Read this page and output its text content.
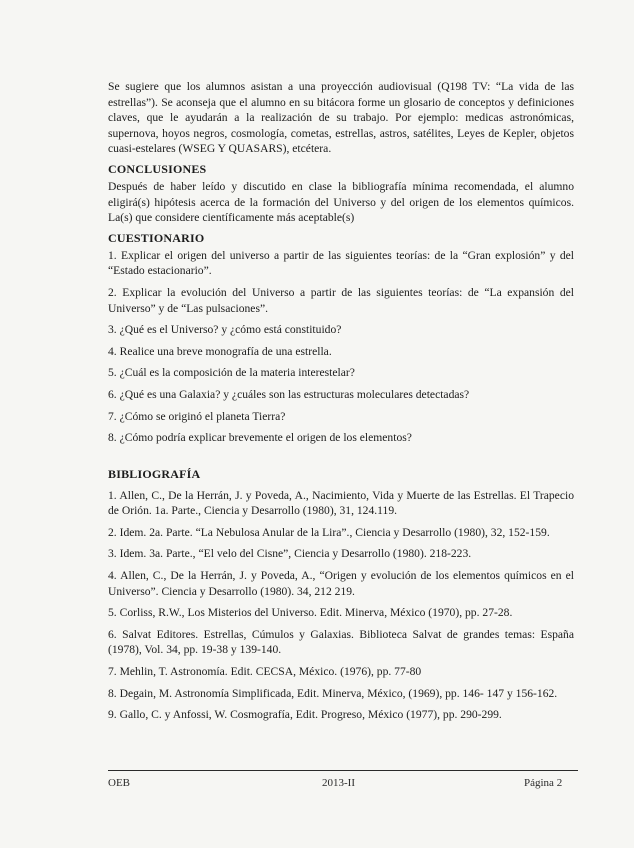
Se sugiere que los alumnos asistan a una proyección audiovisual (Q198 TV: “La vida de las estrellas”). Se aconseja que el alumno en su bitácora forme un glosario de conceptos y definiciones claves, que le ayudarán a la realización de su trabajo. Por ejemplo: medicas astronómicas, supernova, hoyos negros, cosmología, cometas, estrellas, astros, satélites, Leyes de Kepler, objetos cuasi-estelares (WSEG Y QUASARS), etcétera.

CONCLUSIONES

Después de haber leído y discutido en clase la bibliografía mínima recomendada, el alumno eligirá(s) hipótesis acerca de la formación del Universo y del origen de los elementos químicos. La(s) que considere científicamente más aceptable(s)

CUESTIONARIO
1. Explicar el origen del universo a partir de las siguientes teorías: de la “Gran explosión” y del “Estado estacionario”.
2. Explicar la evolución del Universo a partir de las siguientes teorías: de “La expansión del Universo” y de “Las pulsaciones”.
3. ¿Qué es el Universo? y ¿cómo está constituido?
4. Realice una breve monografía de una estrella.
5. ¿Cuál es la composición de la materia interestelar?
6. ¿Qué es una Galaxia? y ¿cuáles son las estructuras moleculares detectadas?
7. ¿Cómo se originó el planeta Tierra?
8. ¿Cómo podría explicar brevemente el origen de los elementos?
BIBLIOGRAFÍA
1. Allen, C., De la Herrán, J. y Poveda, A., Nacimiento, Vida y Muerte de las Estrellas. El Trapecio de Orión. 1a. Parte., Ciencia y Desarrollo (1980), 31, 124.119.
2. Idem. 2a. Parte. “La Nebulosa Anular de la Lira”., Ciencia y Desarrollo (1980), 32, 152-159.
3. Idem. 3a. Parte., “El velo del Cisne”, Ciencia y Desarrollo (1980). 218-223.
4. Allen, C., De la Herrán, J. y Poveda, A., “Origen y evolución de los elementos químicos en el Universo”. Ciencia y Desarrollo (1980). 34, 212 219.
5. Corliss, R.W., Los Misterios del Universo. Edit. Minerva, México (1970), pp. 27-28.
6. Salvat Editores. Estrellas, Cúmulos y Galaxias. Biblioteca Salvat de grandes temas: España (1978), Vol. 34, pp. 19-38 y 139-140.
7. Mehlin, T. Astronomía. Edit. CECSA, México. (1976), pp. 77-80
8. Degain, M. Astronomía Simplificada, Edit. Minerva, México, (1969), pp. 146- 147 y 156-162.
9. Gallo, C. y Anfossi, W. Cosmografía, Edit. Progreso, México (1977), pp. 290-299.
OEB	2013-II	Página 2
